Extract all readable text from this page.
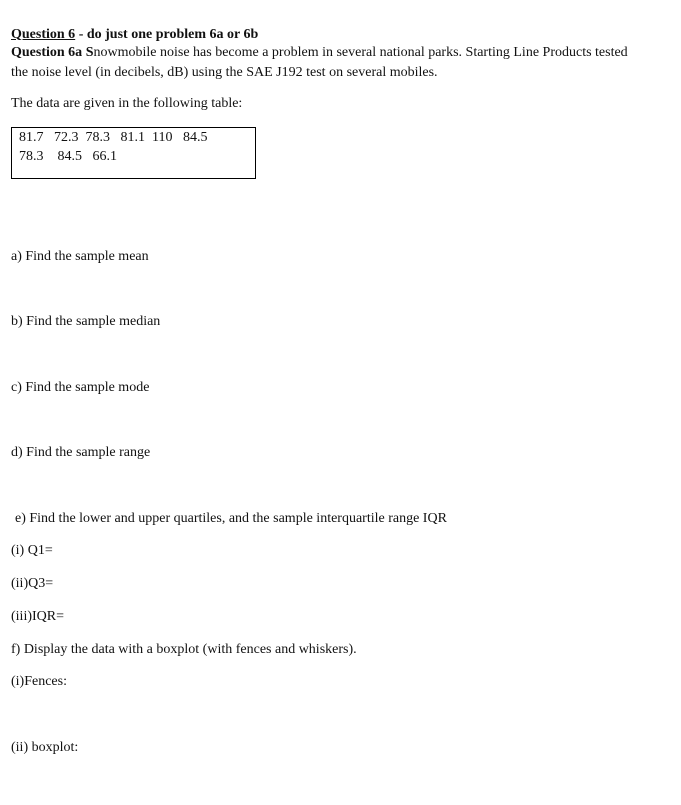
Question 6 - do just one problem 6a or 6b
Question 6a Snowmobile noise has become a problem in several national parks. Starting Line Products tested
the noise level (in decibels, dB) using the SAE J192 test on several mobiles.
The data are given in the following table:
81.7   72.3  78.3   81.1  110   84.5
78.3    84.5   66.1
a) Find the sample mean
b) Find the sample median
c) Find the sample mode
d) Find the sample range
e) Find the lower and upper quartiles, and the sample interquartile range IQR
(i) Q1=
(ii)Q3=
(iii)IQR=
f) Display the data with a boxplot (with fences and whiskers).
(i)Fences:
(ii) boxplot:
